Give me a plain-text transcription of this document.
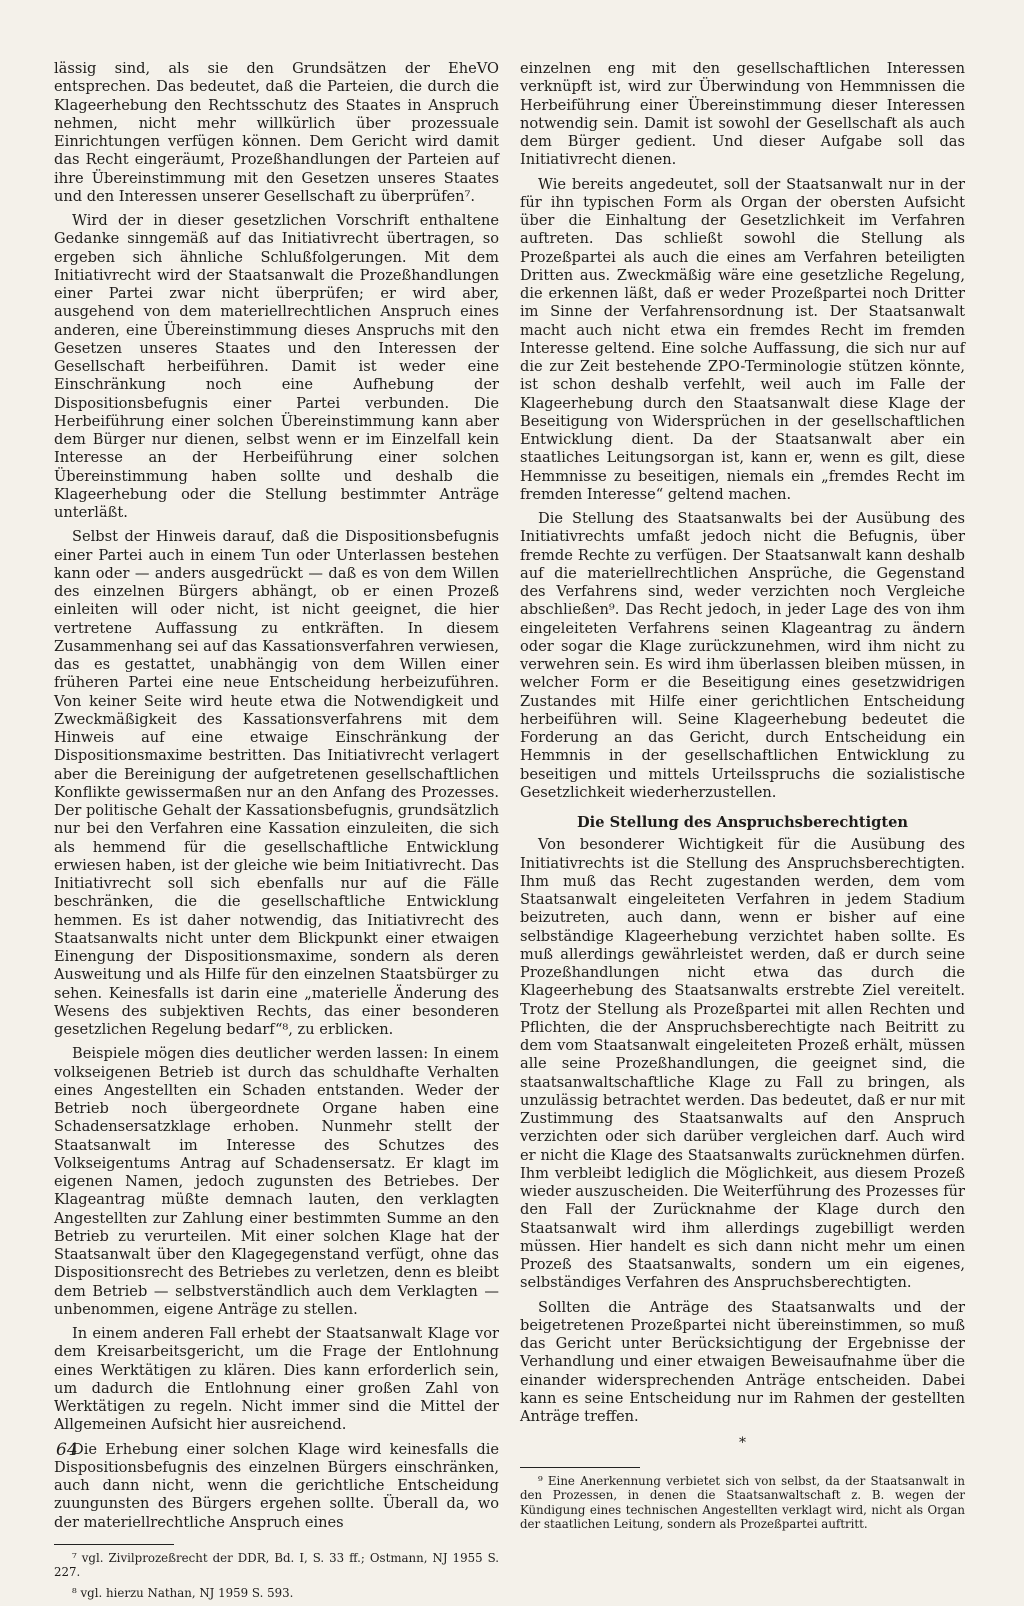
lässig sind, als sie den Grundsätzen der EheVO entsprechen. Das bedeutet, daß die Parteien, die durch die Klageerhebung den Rechtsschutz des Staates in Anspruch nehmen, nicht mehr willkürlich über prozessuale Einrichtungen verfügen können. Dem Gericht wird damit das Recht eingeräumt, Prozeßhandlungen der Parteien auf ihre Übereinstimmung mit den Gesetzen unseres Staates und den Interessen unserer Gesellschaft zu überprüfen⁷.

Wird der in dieser gesetzlichen Vorschrift enthaltene Gedanke sinngemäß auf das Initiativrecht übertragen, so ergeben sich ähnliche Schlußfolgerungen. Mit dem Initiativrecht wird der Staatsanwalt die Prozeßhandlungen einer Partei zwar nicht überprüfen; er wird aber, ausgehend von dem materiellrechtlichen Anspruch eines anderen, eine Übereinstimmung dieses Anspruchs mit den Gesetzen unseres Staates und den Interessen der Gesellschaft herbeiführen. Damit ist weder eine Einschränkung noch eine Aufhebung der Dispositionsbefugnis einer Partei verbunden. Die Herbeiführung einer solchen Übereinstimmung kann aber dem Bürger nur dienen, selbst wenn er im Einzelfall kein Interesse an der Herbeiführung einer solchen Übereinstimmung haben sollte und deshalb die Klageerhebung oder die Stellung bestimmter Anträge unterläßt.

Selbst der Hinweis darauf, daß die Dispositionsbefugnis einer Partei auch in einem Tun oder Unterlassen bestehen kann oder — anders ausgedrückt — daß es von dem Willen des einzelnen Bürgers abhängt, ob er einen Prozeß einleiten will oder nicht, ist nicht geeignet, die hier vertretene Auffassung zu entkräften. In diesem Zusammenhang sei auf das Kassationsverfahren verwiesen, das es gestattet, unabhängig von dem Willen einer früheren Partei eine neue Entscheidung herbeizuführen. Von keiner Seite wird heute etwa die Notwendigkeit und Zweckmäßigkeit des Kassationsverfahrens mit dem Hinweis auf eine etwaige Einschränkung der Dispositionsmaxime bestritten. Das Initiativrecht verlagert aber die Bereinigung der aufgetretenen gesellschaftlichen Konflikte gewissermaßen nur an den Anfang des Prozesses. Der politische Gehalt der Kassationsbefugnis, grundsätzlich nur bei den Verfahren eine Kassation einzuleiten, die sich als hemmend für die gesellschaftliche Entwicklung erwiesen haben, ist der gleiche wie beim Initiativrecht. Das Initiativrecht soll sich ebenfalls nur auf die Fälle beschränken, die die gesellschaftliche Entwicklung hemmen. Es ist daher notwendig, das Initiativrecht des Staatsanwalts nicht unter dem Blickpunkt einer etwaigen Einengung der Dispositionsmaxime, sondern als deren Ausweitung und als Hilfe für den einzelnen Staatsbürger zu sehen. Keinesfalls ist darin eine „materielle Änderung des Wesens des subjektiven Rechts, das einer besonderen gesetzlichen Regelung bedarf“⁸, zu erblicken.

Beispiele mögen dies deutlicher werden lassen: In einem volkseigenen Betrieb ist durch das schuldhafte Verhalten eines Angestellten ein Schaden entstanden. Weder der Betrieb noch übergeordnete Organe haben eine Schadensersatzklage erhoben. Nunmehr stellt der Staatsanwalt im Interesse des Schutzes des Volkseigentums Antrag auf Schadensersatz. Er klagt im eigenen Namen, jedoch zugunsten des Betriebes. Der Klageantrag müßte demnach lauten, den verklagten Angestellten zur Zahlung einer bestimmten Summe an den Betrieb zu verurteilen. Mit einer solchen Klage hat der Staatsanwalt über den Klagegegenstand verfügt, ohne das Dispositionsrecht des Betriebes zu verletzen, denn es bleibt dem Betrieb — selbstverständlich auch dem Verklagten — unbenommen, eigene Anträge zu stellen.

In einem anderen Fall erhebt der Staatsanwalt Klage vor dem Kreisarbeitsgericht, um die Frage der Entlohnung eines Werktätigen zu klären. Dies kann erforderlich sein, um dadurch die Entlohnung einer großen Zahl von Werktätigen zu regeln. Nicht immer sind die Mittel der Allgemeinen Aufsicht hier ausreichend.

Die Erhebung einer solchen Klage wird keinesfalls die Dispositionsbefugnis des einzelnen Bürgers einschränken, auch dann nicht, wenn die gerichtliche Entscheidung zuungunsten des Bürgers ergehen sollte. Überall da, wo der materiellrechtliche Anspruch eines

⁷ vgl. Zivilprozeßrecht der DDR, Bd. I, S. 33 ff.; Ostmann, NJ 1955 S. 227.

⁸ vgl. hierzu Nathan, NJ 1959 S. 593.

einzelnen eng mit den gesellschaftlichen Interessen verknüpft ist, wird zur Überwindung von Hemmnissen die Herbeiführung einer Übereinstimmung dieser Interessen notwendig sein. Damit ist sowohl der Gesellschaft als auch dem Bürger gedient. Und dieser Aufgabe soll das Initiativrecht dienen.

Wie bereits angedeutet, soll der Staatsanwalt nur in der für ihn typischen Form als Organ der obersten Aufsicht über die Einhaltung der Gesetzlichkeit im Verfahren auftreten. Das schließt sowohl die Stellung als Prozeßpartei als auch die eines am Verfahren beteiligten Dritten aus. Zweckmäßig wäre eine gesetzliche Regelung, die erkennen läßt, daß er weder Prozeßpartei noch Dritter im Sinne der Verfahrensordnung ist. Der Staatsanwalt macht auch nicht etwa ein fremdes Recht im fremden Interesse geltend. Eine solche Auffassung, die sich nur auf die zur Zeit bestehende ZPO-Terminologie stützen könnte, ist schon deshalb verfehlt, weil auch im Falle der Klageerhebung durch den Staatsanwalt diese Klage der Beseitigung von Widersprüchen in der gesellschaftlichen Entwicklung dient. Da der Staatsanwalt aber ein staatliches Leitungsorgan ist, kann er, wenn es gilt, diese Hemmnisse zu beseitigen, niemals ein „fremdes Recht im fremden Interesse“ geltend machen.

Die Stellung des Staatsanwalts bei der Ausübung des Initiativrechts umfaßt jedoch nicht die Befugnis, über fremde Rechte zu verfügen. Der Staatsanwalt kann deshalb auf die materiellrechtlichen Ansprüche, die Gegenstand des Verfahrens sind, weder verzichten noch Vergleiche abschließen⁹. Das Recht jedoch, in jeder Lage des von ihm eingeleiteten Verfahrens seinen Klageantrag zu ändern oder sogar die Klage zurückzunehmen, wird ihm nicht zu verwehren sein. Es wird ihm überlassen bleiben müssen, in welcher Form er die Beseitigung eines gesetzwidrigen Zustandes mit Hilfe einer gerichtlichen Entscheidung herbeiführen will. Seine Klageerhebung bedeutet die Forderung an das Gericht, durch Entscheidung ein Hemmnis in der gesellschaftlichen Entwicklung zu beseitigen und mittels Urteilsspruchs die sozialistische Gesetzlichkeit wiederherzustellen.

Die Stellung des Anspruchsberechtigten

Von besonderer Wichtigkeit für die Ausübung des Initiativrechts ist die Stellung des Anspruchsberechtigten. Ihm muß das Recht zugestanden werden, dem vom Staatsanwalt eingeleiteten Verfahren in jedem Stadium beizutreten, auch dann, wenn er bisher auf eine selbständige Klageerhebung verzichtet haben sollte. Es muß allerdings gewährleistet werden, daß er durch seine Prozeßhandlungen nicht etwa das durch die Klageerhebung des Staatsanwalts erstrebte Ziel vereitelt. Trotz der Stellung als Prozeßpartei mit allen Rechten und Pflichten, die der Anspruchsberechtigte nach Beitritt zu dem vom Staatsanwalt eingeleiteten Prozeß erhält, müssen alle seine Prozeßhandlungen, die geeignet sind, die staatsanwaltschaftliche Klage zu Fall zu bringen, als unzulässig betrachtet werden. Das bedeutet, daß er nur mit Zustimmung des Staatsanwalts auf den Anspruch verzichten oder sich darüber vergleichen darf. Auch wird er nicht die Klage des Staatsanwalts zurücknehmen dürfen. Ihm verbleibt lediglich die Möglichkeit, aus diesem Prozeß wieder auszuscheiden. Die Weiterführung des Prozesses für den Fall der Zurücknahme der Klage durch den Staatsanwalt wird ihm allerdings zugebilligt werden müssen. Hier handelt es sich dann nicht mehr um einen Prozeß des Staatsanwalts, sondern um ein eigenes, selbständiges Verfahren des Anspruchsberechtigten.

Sollten die Anträge des Staatsanwalts und der beigetretenen Prozeßpartei nicht übereinstimmen, so muß das Gericht unter Berücksichtigung der Ergebnisse der Verhandlung und einer etwaigen Beweisaufnahme über die einander widersprechenden Anträge entscheiden. Dabei kann es seine Entscheidung nur im Rahmen der gestellten Anträge treffen.

*

⁹ Eine Anerkennung verbietet sich von selbst, da der Staatsanwalt in den Prozessen, in denen die Staatsanwaltschaft z. B. wegen der Kündigung eines technischen Angestellten verklagt wird, nicht als Organ der staatlichen Leitung, sondern als Prozeßpartei auftritt.

64
